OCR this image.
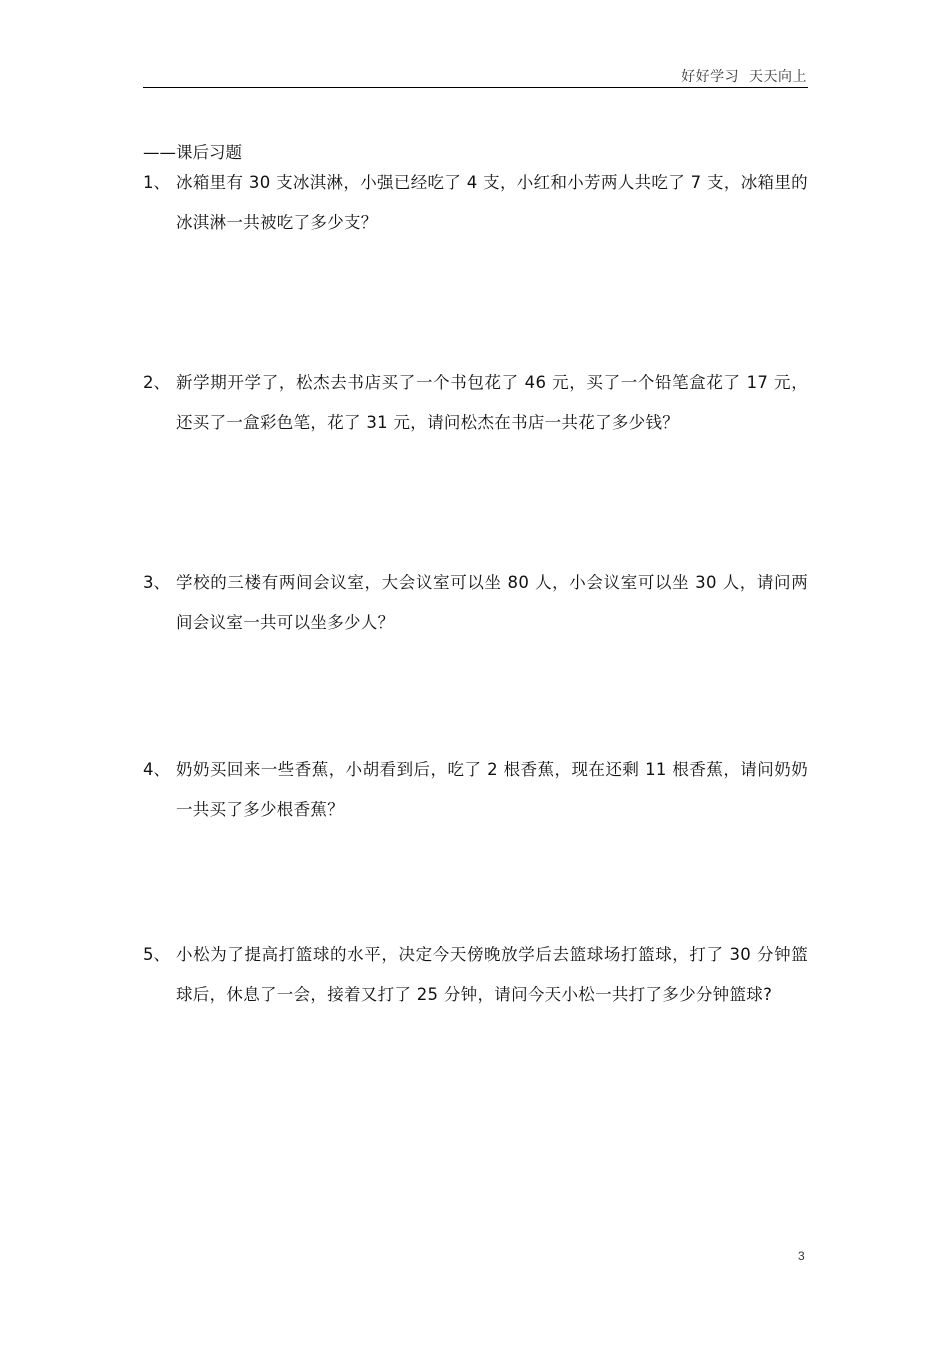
好好学习  天天向上
——课后习题
1、 冰箱里有 30 支冰淇淋，小强已经吃了 4 支，小红和小芳两人共吃了 7 支，冰箱里的冰淇淋一共被吃了多少支？
2、 新学期开学了，松杰去书店买了一个书包花了 46 元，买了一个铅笔盒花了 17 元，还买了一盒彩色笔，花了 31 元，请问松杰在书店一共花了多少钱？
3、 学校的三楼有两间会议室，大会议室可以坐 80 人，小会议室可以坐 30 人，请问两间会议室一共可以坐多少人？
4、 奶奶买回来一些香蕉，小胡看到后，吃了 2 根香蕉，现在还剩 11 根香蕉，请问奶奶一共买了多少根香蕉？
5、 小松为了提高打篮球的水平，决定今天傍晚放学后去篮球场打篮球，打了 30 分钟篮球后，休息了一会，接着又打了 25 分钟，请问今天小松一共打了多少分钟篮球?
3
